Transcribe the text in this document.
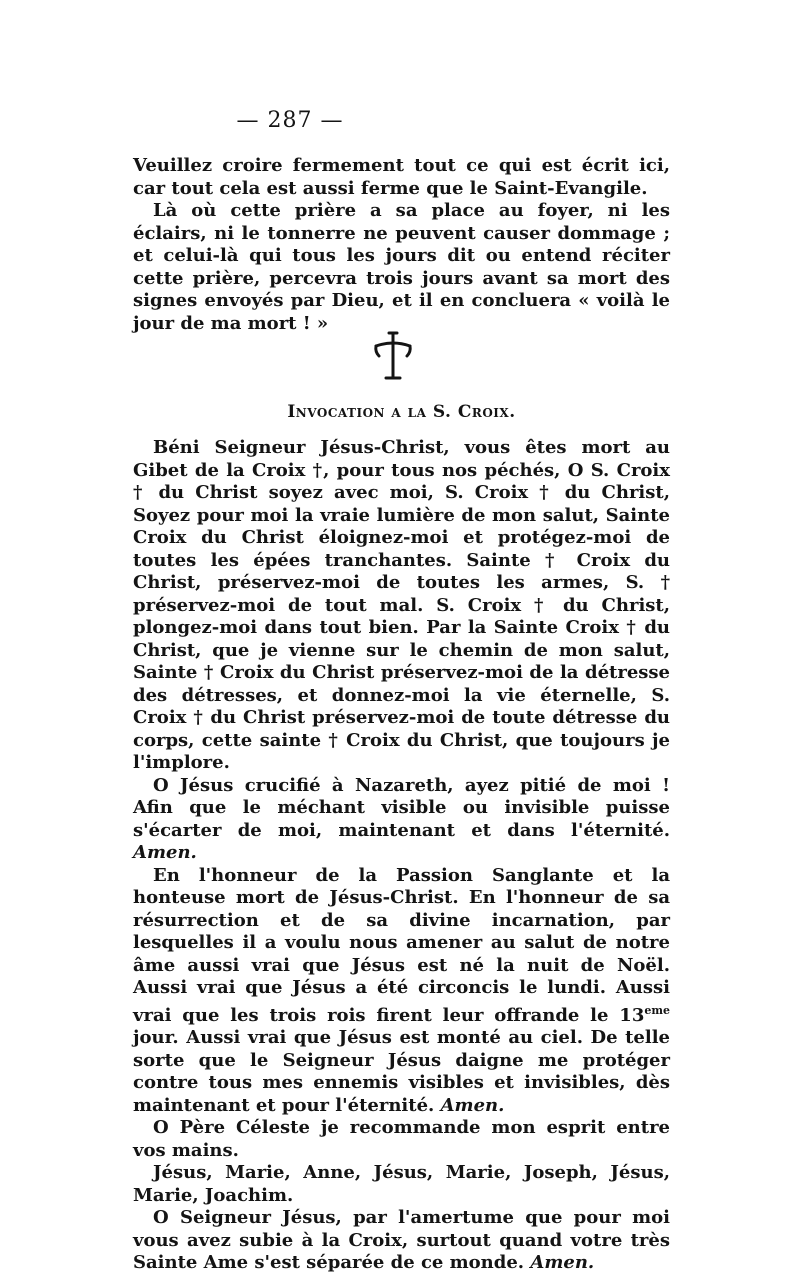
— 287 —

Veuillez croire fermement tout ce qui est écrit ici, car tout cela est aussi ferme que le Saint-Evangile.

Là où cette prière a sa place au foyer, ni les éclairs, ni le tonnerre ne peuvent causer dommage ; et celui-là qui tous les jours dit ou entend réciter cette prière, percevra trois jours avant sa mort des signes envoyés par Dieu, et il en concluera « voilà le jour de ma mort ! »

Invocation a la S. Croix.

Béni Seigneur Jésus-Christ, vous êtes mort au Gibet de la Croix †, pour tous nos péchés, O S. Croix † du Christ soyez avec moi, S. Croix † du Christ, Soyez pour moi la vraie lumière de mon salut, Sainte Croix du Christ éloignez-moi et protégez-moi de toutes les épées tranchantes. Sainte † Croix du Christ, préservez-moi de toutes les armes, S. † préservez-moi de tout mal. S. Croix † du Christ, plongez-moi dans tout bien. Par la Sainte Croix † du Christ, que je vienne sur le chemin de mon salut, Sainte † Croix du Christ préservez-moi de la détresse des détresses, et donnez-moi la vie éternelle, S. Croix † du Christ préservez-moi de toute détresse du corps, cette sainte † Croix du Christ, que toujours je l'implore.

O Jésus crucifié à Nazareth, ayez pitié de moi ! Afin que le méchant visible ou invisible puisse s'écarter de moi, maintenant et dans l'éternité. Amen.

En l'honneur de la Passion Sanglante et la honteuse mort de Jésus-Christ. En l'honneur de sa résurrection et de sa divine incarnation, par lesquelles il a voulu nous amener au salut de notre âme aussi vrai que Jésus est né la nuit de Noël. Aussi vrai que Jésus a été circoncis le lundi. Aussi vrai que les trois rois firent leur offrande le 13eme jour. Aussi vrai que Jésus est monté au ciel. De telle sorte que le Seigneur Jésus daigne me protéger contre tous mes ennemis visibles et invisibles, dès maintenant et pour l'éternité. Amen.

O Père Céleste je recommande mon esprit entre vos mains.

Jésus, Marie, Anne, Jésus, Marie, Joseph, Jésus, Marie, Joachim.

O Seigneur Jésus, par l'amertume que pour moi vous avez subie à la Croix, surtout quand votre très Sainte Ame s'est séparée de ce monde. Amen.
